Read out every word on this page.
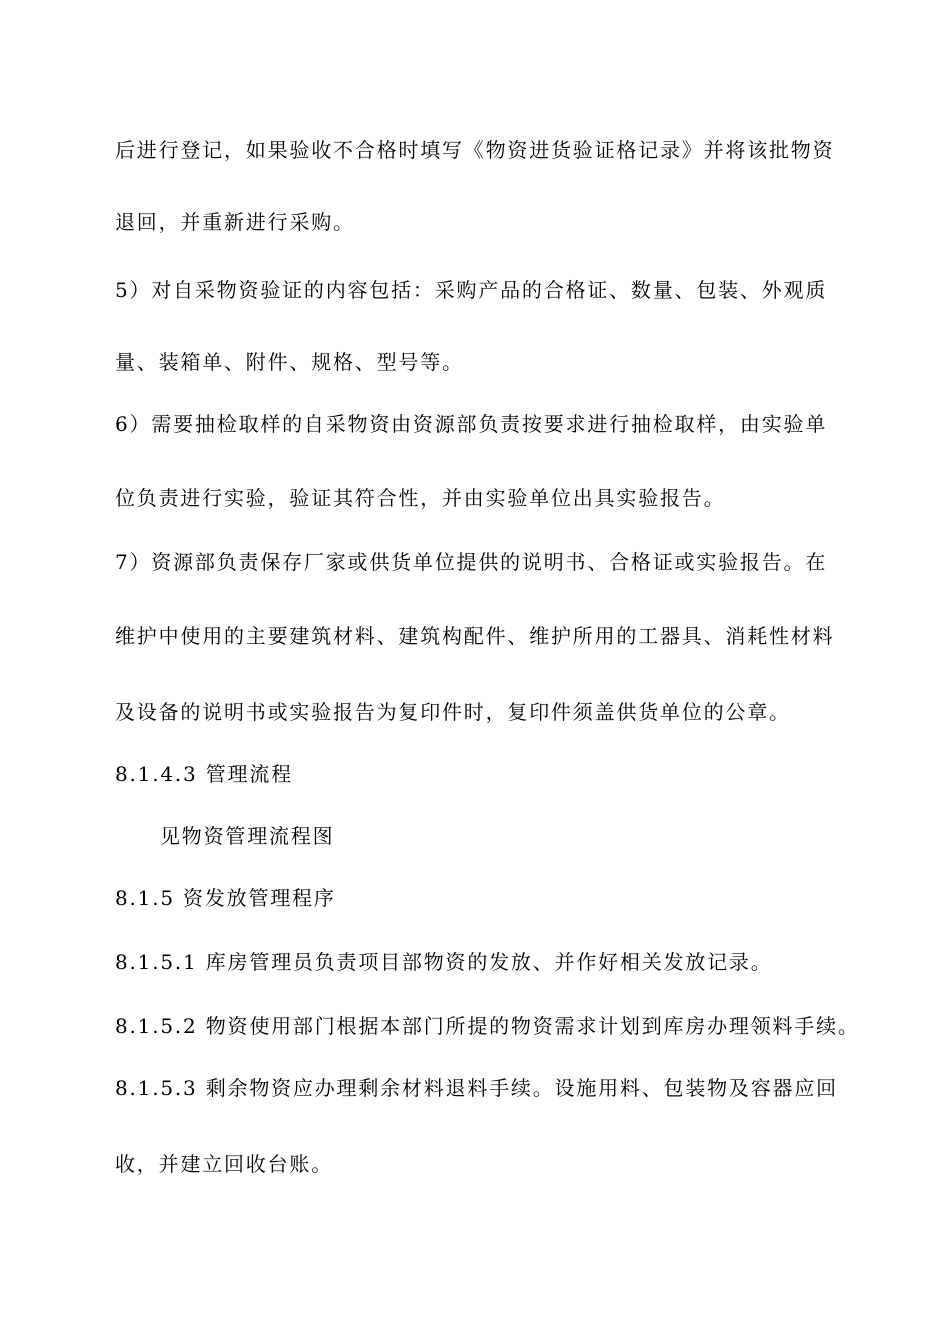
后进行登记，如果验收不合格时填写《物资进货验证格记录》并将该批物资
退回，并重新进行采购。
5）对自采物资验证的内容包括：采购产品的合格证、数量、包装、外观质
量、装箱单、附件、规格、型号等。
6）需要抽检取样的自采物资由资源部负责按要求进行抽检取样，由实验单
位负责进行实验，验证其符合性，并由实验单位出具实验报告。
7）资源部负责保存厂家或供货单位提供的说明书、合格证或实验报告。在
维护中使用的主要建筑材料、建筑构配件、维护所用的工器具、消耗性材料
及设备的说明书或实验报告为复印件时，复印件须盖供货单位的公章。
8.1.4.3 管理流程
见物资管理流程图
8.1.5 资发放管理程序
8.1.5.1 库房管理员负责项目部物资的发放、并作好相关发放记录。
8.1.5.2 物资使用部门根据本部门所提的物资需求计划到库房办理领料手续。
8.1.5.3 剩余物资应办理剩余材料退料手续。设施用料、包装物及容器应回
收，并建立回收台账。
